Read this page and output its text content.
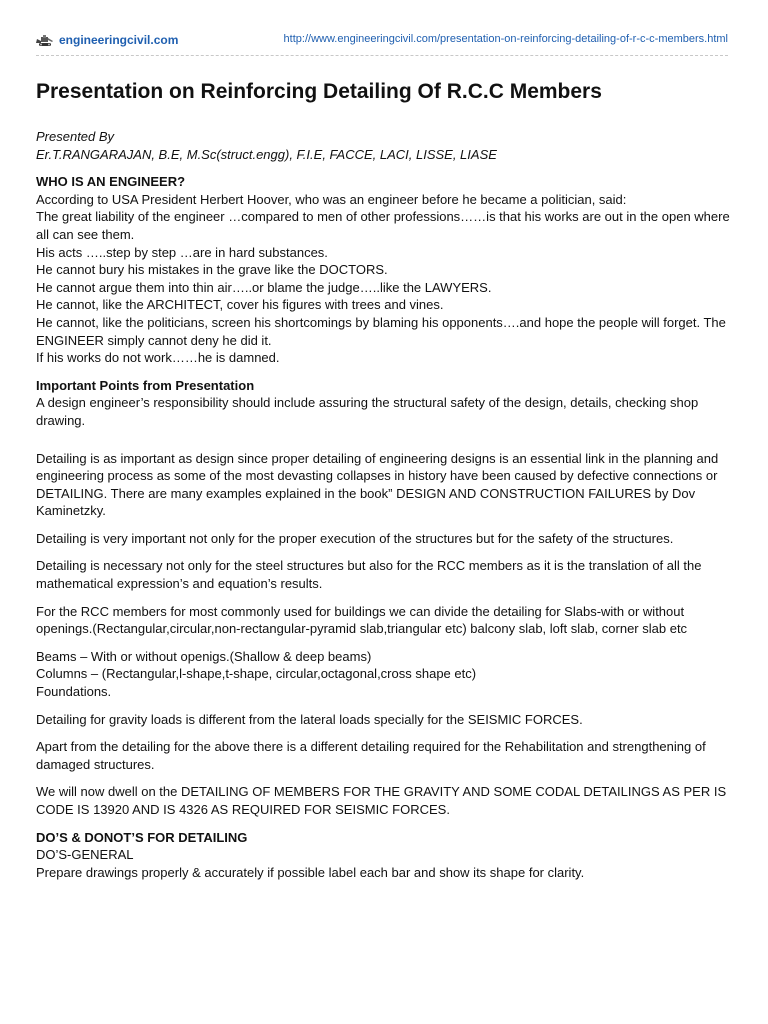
engineeringcivil.com	http://www.engineeringcivil.com/presentation-on-reinforcing-detailing-of-r-c-c-members.html
Presentation on Reinforcing Detailing Of R.C.C Members
Presented By
Er.T.RANGARAJAN, B.E, M.Sc(struct.engg), F.I.E, FACCE, LACI, LISSE, LIASE
WHO IS AN ENGINEER?
According to USA President Herbert Hoover, who was an engineer before he became a politician, said:
The great liability of the engineer …compared to men of other professions……is that his works are out in the open where all can see them.
His acts …..step by step …are in hard substances.
He cannot bury his mistakes in the grave like the DOCTORS.
He cannot argue them into thin air…..or blame the judge…..like the LAWYERS.
He cannot, like the ARCHITECT, cover his figures with trees and vines.
He cannot, like the politicians, screen his shortcomings by blaming his opponents….and hope the people will forget. The ENGINEER simply cannot deny he did it.
If his works do not work……he is damned.
Important Points from Presentation
A design engineer’s responsibility should include assuring the structural safety of the design, details, checking shop drawing.

Detailing is as important as design since proper detailing of engineering designs is an essential link in the planning and engineering process as some of the most devasting collapses in history have been caused by defective connections or DETAILING. There are many examples explained in the book” DESIGN AND CONSTRUCTION FAILURES by Dov Kaminetzky.

Detailing is very important not only for the proper execution of the structures but for the safety of the structures.

Detailing is necessary not only for the steel structures but also for the RCC members as it is the translation of all the mathematical expression’s and equation’s results.

For the RCC members for most commonly used for buildings we can divide the detailing for Slabs-with or without openings.(Rectangular,circular,non-rectangular-pyramid slab,triangular etc) balcony slab, loft slab, corner slab etc

Beams – With or without openigs.(Shallow & deep beams)
Columns – (Rectangular,l-shape,t-shape, circular,octagonal,cross shape etc)
Foundations.

Detailing for gravity loads is different from the lateral loads specially for the SEISMIC FORCES.

Apart from the detailing for the above there is a different detailing required for the Rehabilitation and strengthening of damaged structures.

We will now dwell on the DETAILING OF MEMBERS FOR THE GRAVITY AND SOME CODAL DETAILINGS AS PER IS CODE IS 13920 AND IS 4326 AS REQUIRED FOR SEISMIC FORCES.

DO’S & DONOT’S FOR DETAILING
DO’S-GENERAL
Prepare drawings properly & accurately if possible label each bar and show its shape for clarity.
